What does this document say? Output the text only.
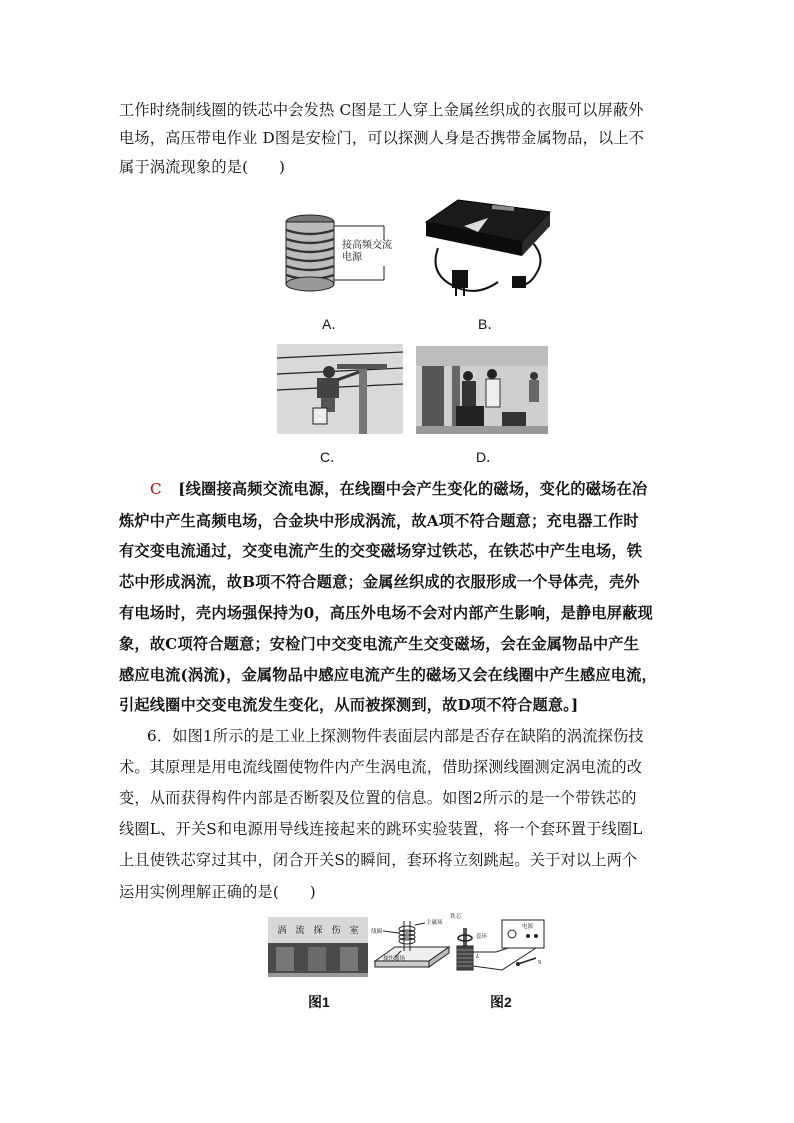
工作时绕制线圈的铁芯中会发热 C图是工人穿上金属丝织成的衣服可以屏蔽外
电场，高压带电作业 D图是安检门，可以探测人身是否携带金属物品，以上不
属于涡流现象的是(　　)
接高频交流电源
A．	B．
C．	D．
C [线圈接高频交流电源，在线圈中会产生变化的磁场，变化的磁场在冶
炼炉中产生高频电场，合金块中形成涡流，故A项不符合题意；充电器工作时
有交变电流通过，交变电流产生的交变磁场穿过铁芯，在铁芯中产生电场，铁
芯中形成涡流，故B项不符合题意；金属丝织成的衣服形成一个导体壳，壳外
有电场时，壳内场强保持为0，高压外电场不会对内部产生影响，是静电屏蔽现
象，故C项符合题意；安检门中交变电流产生交变磁场，会在金属物品中产生
感应电流(涡流)，金属物品中感应电流产生的磁场又会在线圈中产生感应电流，
引起线圈中交变电流发生变化，从而被探测到，故D项不符合题意。]
6．如图1所示的是工业上探测物件表面层内部是否存在缺陷的涡流探伤技
术。其原理是用电流线圈使物件内产生涡电流，借助探测线圈测定涡电流的改
变，从而获得构件内部是否断裂及位置的信息。如图2所示的是一个带铁芯的
线圈L、开关S和电源用导线连接起来的跳环实验装置，将一个套环置于线圈L
上且使铁芯穿过其中，闭合开关S的瞬间，套环将立刻跳起。关于对以上两个
运用实例理解正确的是(　　)
涡　流　探　伤　室	线圈
主磁场
探伤磁场
铁芯
套环
电源
L
S
图1	图2
